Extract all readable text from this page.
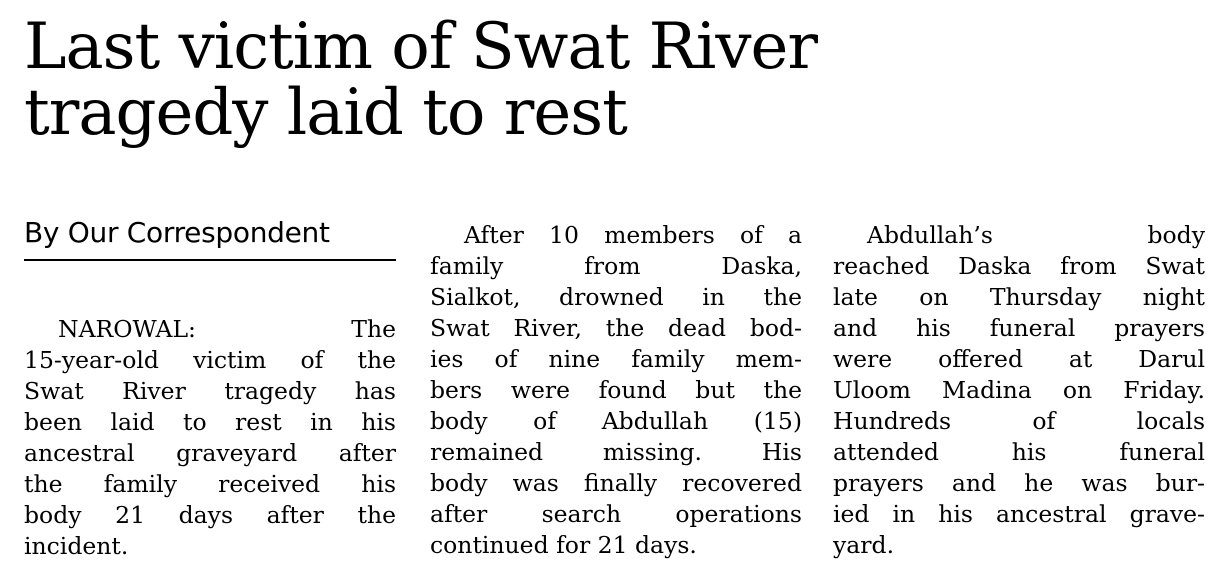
Last victim of Swat River
tragedy laid to rest
By Our Correspondent
NAROWAL: The
15-year-old victim of the
Swat River tragedy has
been laid to rest in his
ancestral graveyard after
the family received his
body 21 days after the
incident.
After 10 members of a
family from Daska,
Sialkot, drowned in the
Swat River, the dead bod-
ies of nine family mem-
bers were found but the
body of Abdullah (15)
remained missing. His
body was finally recovered
after search operations
continued for 21 days.
Abdullah’s body
reached Daska from Swat
late on Thursday night
and his funeral prayers
were offered at Darul
Uloom Madina on Friday.
Hundreds of locals
attended his funeral
prayers and he was bur-
ied in his ancestral grave-
yard.
